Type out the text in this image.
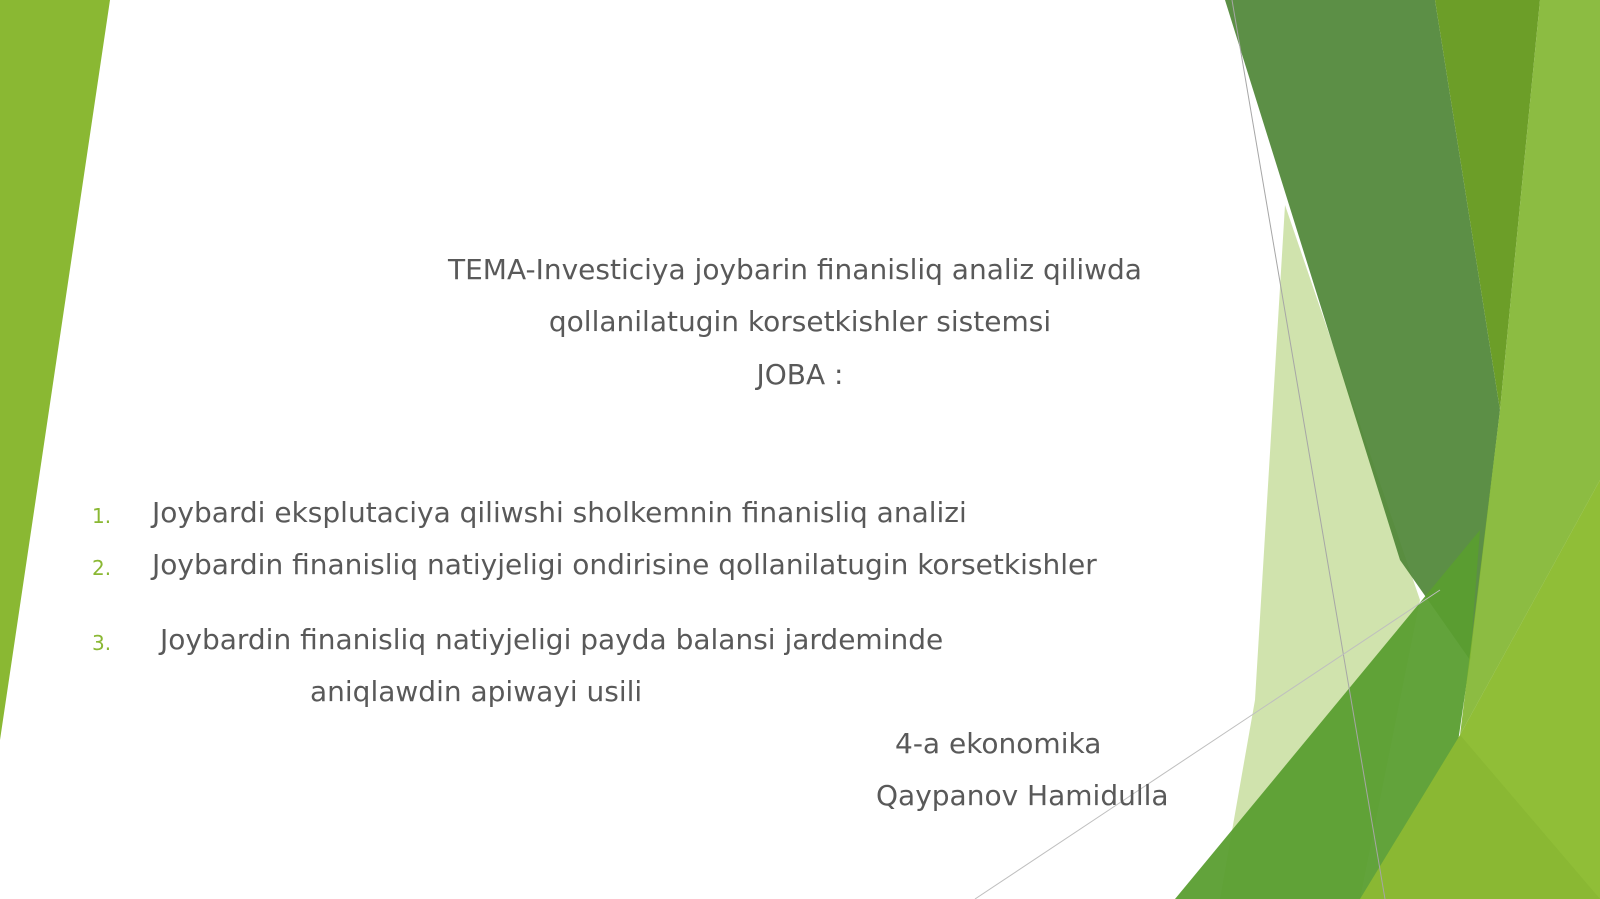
TEMA-Investiciya joybarin finanisliq analiz qiliwda
qollanilatugin korsetkishler sistemsi
JOBA :
1. Joybardi eksplutaciya qiliwshi sholkemnin finanisliq analizi
2. Joybardin finanisliq natiyjeligi ondirisine qollanilatugin korsetkishler
3. Joybardin finanisliq natiyjeligi payda balansi jardeminde
aniqlawdin apiwayi usili
4-a ekonomika
Qaypanov Hamidulla
